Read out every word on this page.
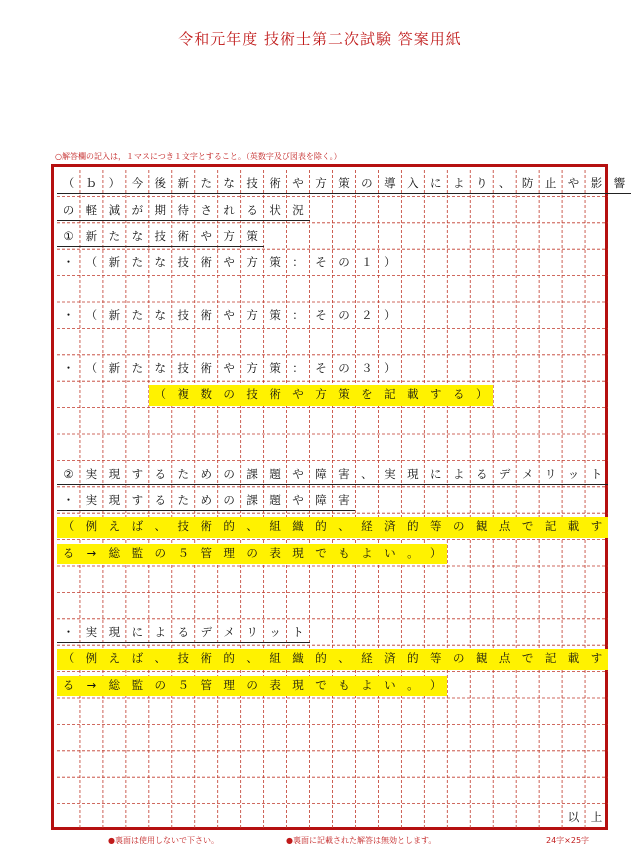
令和元年度 技術士第二次試験 答案用紙
○解答欄の記入は，１マスにつき１文字とすること。（英数字及び図表を除く。）
（ ｂ ） 今 後 新 た な 技 術 や 方 策 の 導 入 に よ り 、 防 止 や 影 響
の 軽 減 が 期 待 さ れ る 状 況
①	新 た な 技 術 や 方 策
・ （ 新 た な 技 術 や 方 策 ： そ の １ ）
・ （ 新 た な 技 術 や 方 策 ： そ の ２ ）
・ （ 新 た な 技 術 や 方 策 ： そ の ３ ）
（ 複 数 の 技 術 や 方 策 を 記 載 す る ）
②	実 現 す る た め の 課 題 や 障 害 、 実 現 に よ る デ メ リ ッ ト
・ 実 現 す る た め の 課 題 や 障 害
（ 例 え ば 、 技 術 的 、 組 織 的 、 経 済 的 等 の 観 点 で 記 載 す
る	→	総 監 の ５ 管 理 の 表 現 で も よ い 。 ）
・ 実 現 に よ る デ メ リ ッ ト
（ 例 え ば 、 技 術 的 、 組 織 的 、 経 済 的 等 の 観 点 で 記 載 す
る	→	総 監 の ５ 管 理 の 表 現 で も よ い 。 ）
以 上
●裏面は使用しないで下さい。	●裏面に記載された解答は無効とします。	24字×25字
